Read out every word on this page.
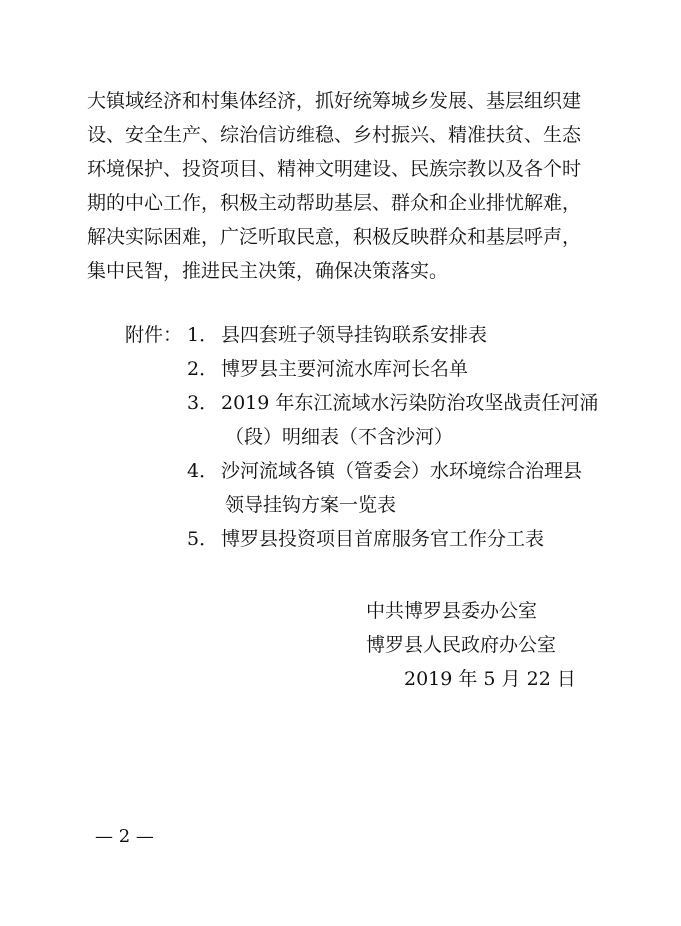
大镇域经济和村集体经济，抓好统筹城乡发展、基层组织建
设、安全生产、综治信访维稳、乡村振兴、精准扶贫、生态
环境保护、投资项目、精神文明建设、民族宗教以及各个时
期的中心工作，积极主动帮助基层、群众和企业排忧解难，
解决实际困难，广泛听取民意，积极反映群众和基层呼声，
集中民智，推进民主决策，确保决策落实。
附件： 1． 县四套班子领导挂钩联系安排表
2． 博罗县主要河流水库河长名单
3． 2019 年东江流域水污染防治攻坚战责任河涌
（段）明细表（不含沙河）
4． 沙河流域各镇（管委会）水环境综合治理县
领导挂钩方案一览表
5． 博罗县投资项目首席服务官工作分工表
中共博罗县委办公室
博罗县人民政府办公室
2019 年 5 月 22 日
— 2 —
